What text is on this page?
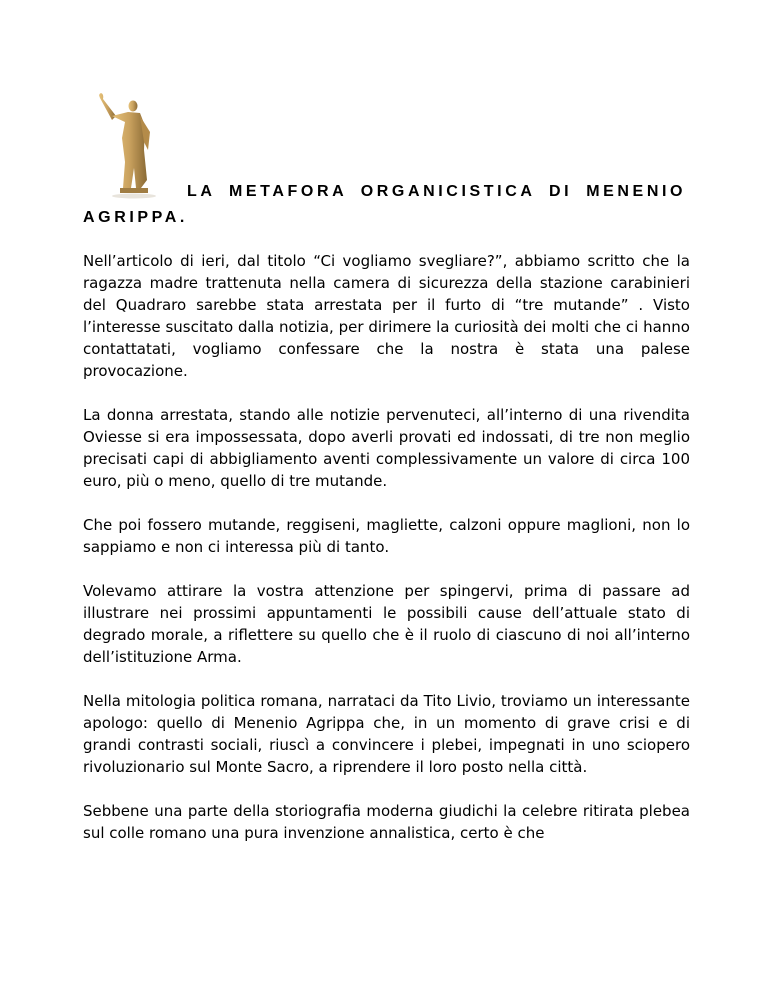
LA METAFORA ORGANICISTICA DI MENENIO
AGRIPPA.

Nell’articolo di ieri, dal titolo “Ci vogliamo svegliare?”, abbiamo scritto che la ragazza madre trattenuta nella camera di sicurezza della stazione carabinieri del Quadraro sarebbe stata arrestata per il furto di “tre mutande” . Visto l’interesse suscitato dalla notizia, per dirimere la curiosità dei molti che ci hanno contattatati, vogliamo confessare che la nostra è stata una palese provocazione.

La donna arrestata, stando alle notizie pervenuteci, all’interno di una rivendita Oviesse si era impossessata, dopo averli provati ed indossati, di tre non meglio precisati capi di abbigliamento aventi complessivamente un valore di circa 100 euro, più o meno, quello di tre mutande.

Che poi fossero mutande, reggiseni, magliette, calzoni oppure maglioni, non lo sappiamo e non ci interessa più di tanto.

Volevamo attirare la vostra attenzione per spingervi, prima di passare ad illustrare nei prossimi appuntamenti le possibili cause dell’attuale stato di degrado morale, a riflettere su quello che è il ruolo di ciascuno di noi all’interno dell’istituzione Arma.

Nella mitologia politica romana, narrataci da Tito Livio, troviamo un interessante apologo: quello di Menenio Agrippa che, in un momento di grave crisi e di grandi contrasti sociali, riuscì a convincere i plebei, impegnati in uno sciopero rivoluzionario sul Monte Sacro, a riprendere il loro posto nella città.

Sebbene una parte della storiografia moderna giudichi la celebre ritirata plebea sul colle romano una pura invenzione annalistica, certo è che
